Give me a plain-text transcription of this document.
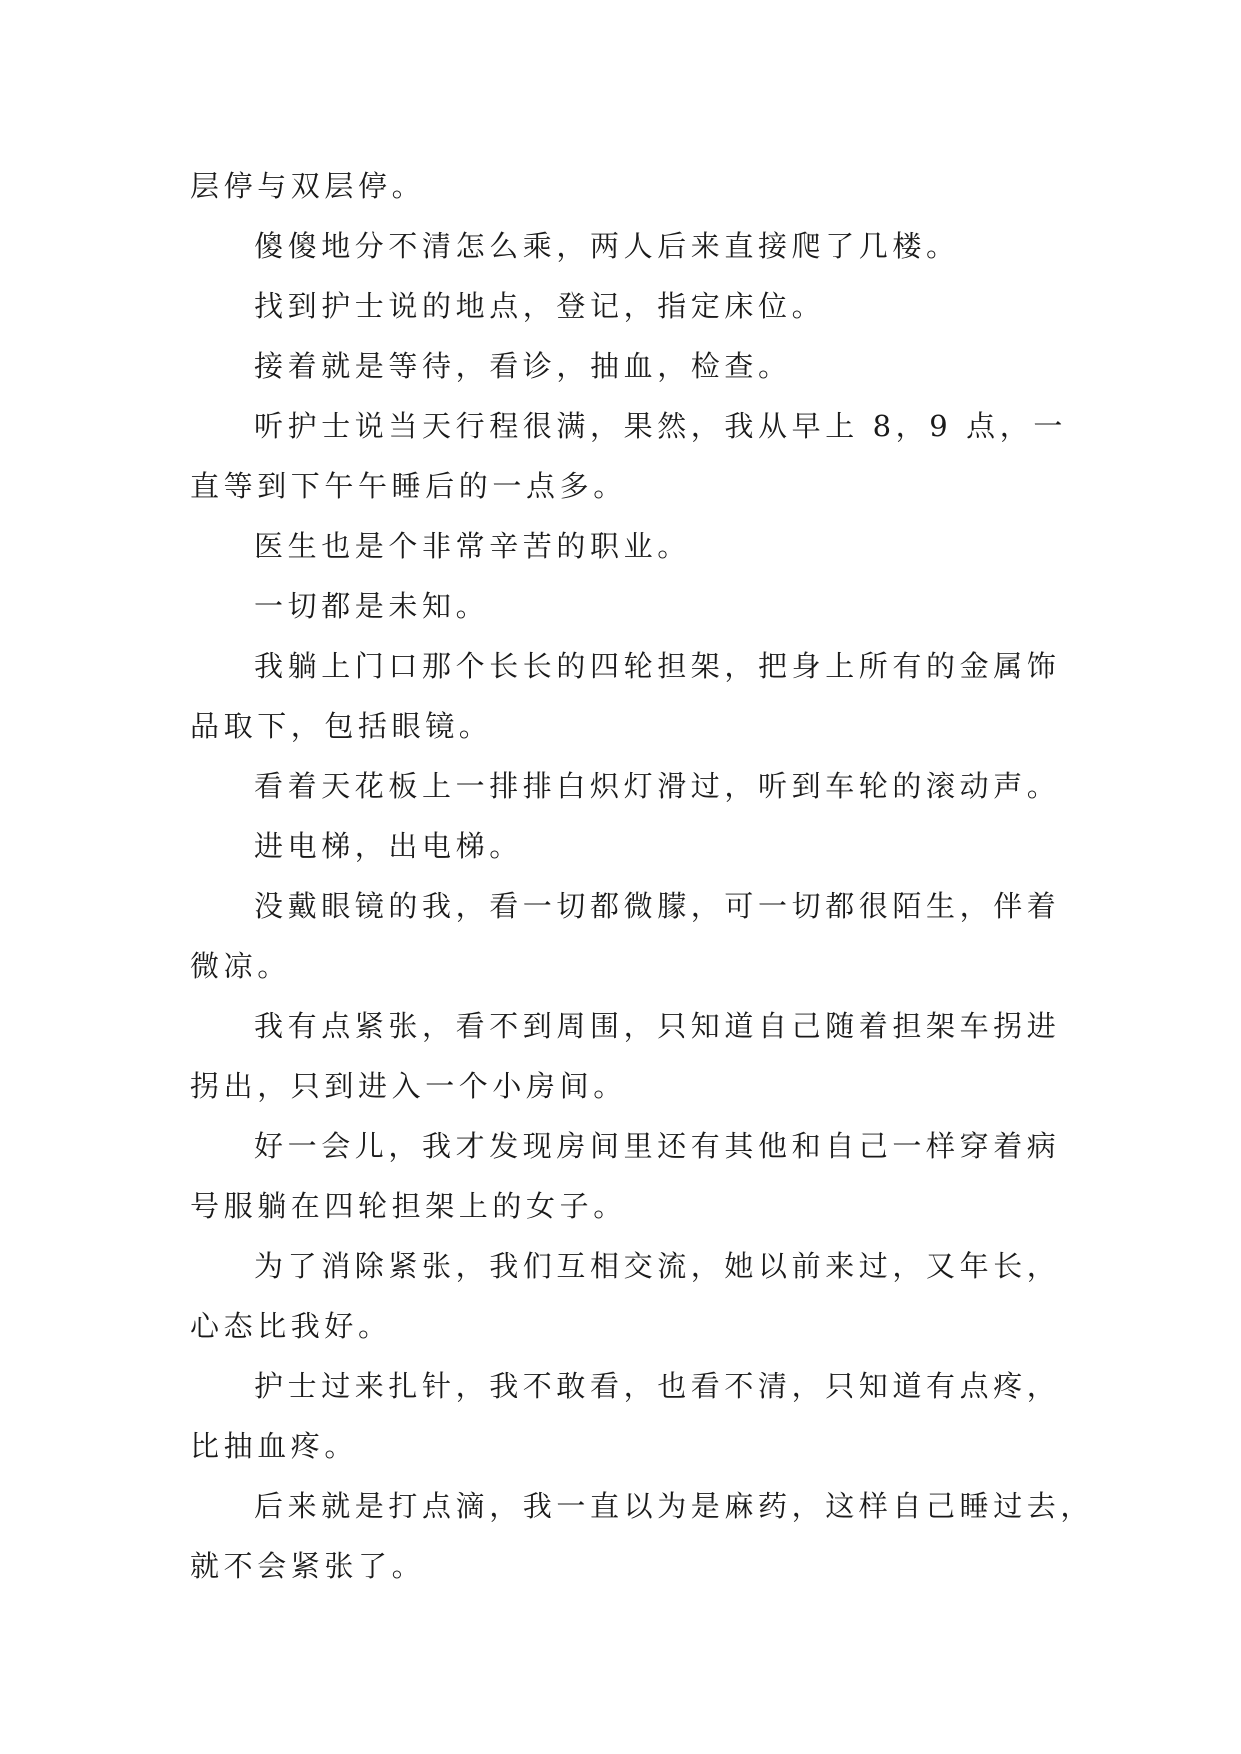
层停与双层停。
傻傻地分不清怎么乘，两人后来直接爬了几楼。
找到护士说的地点，登记，指定床位。
接着就是等待，看诊，抽血，检查。
听护士说当天行程很满，果然，我从早上 8，9 点，一
直等到下午午睡后的一点多。
医生也是个非常辛苦的职业。
一切都是未知。
我躺上门口那个长长的四轮担架，把身上所有的金属饰
品取下，包括眼镜。
看着天花板上一排排白炽灯滑过，听到车轮的滚动声。
进电梯，出电梯。
没戴眼镜的我，看一切都微朦，可一切都很陌生，伴着
微凉。
我有点紧张，看不到周围，只知道自己随着担架车拐进
拐出，只到进入一个小房间。
好一会儿，我才发现房间里还有其他和自己一样穿着病
号服躺在四轮担架上的女子。
为了消除紧张，我们互相交流，她以前来过，又年长，
心态比我好。
护士过来扎针，我不敢看，也看不清，只知道有点疼，
比抽血疼。
后来就是打点滴，我一直以为是麻药，这样自己睡过去，
就不会紧张了。
